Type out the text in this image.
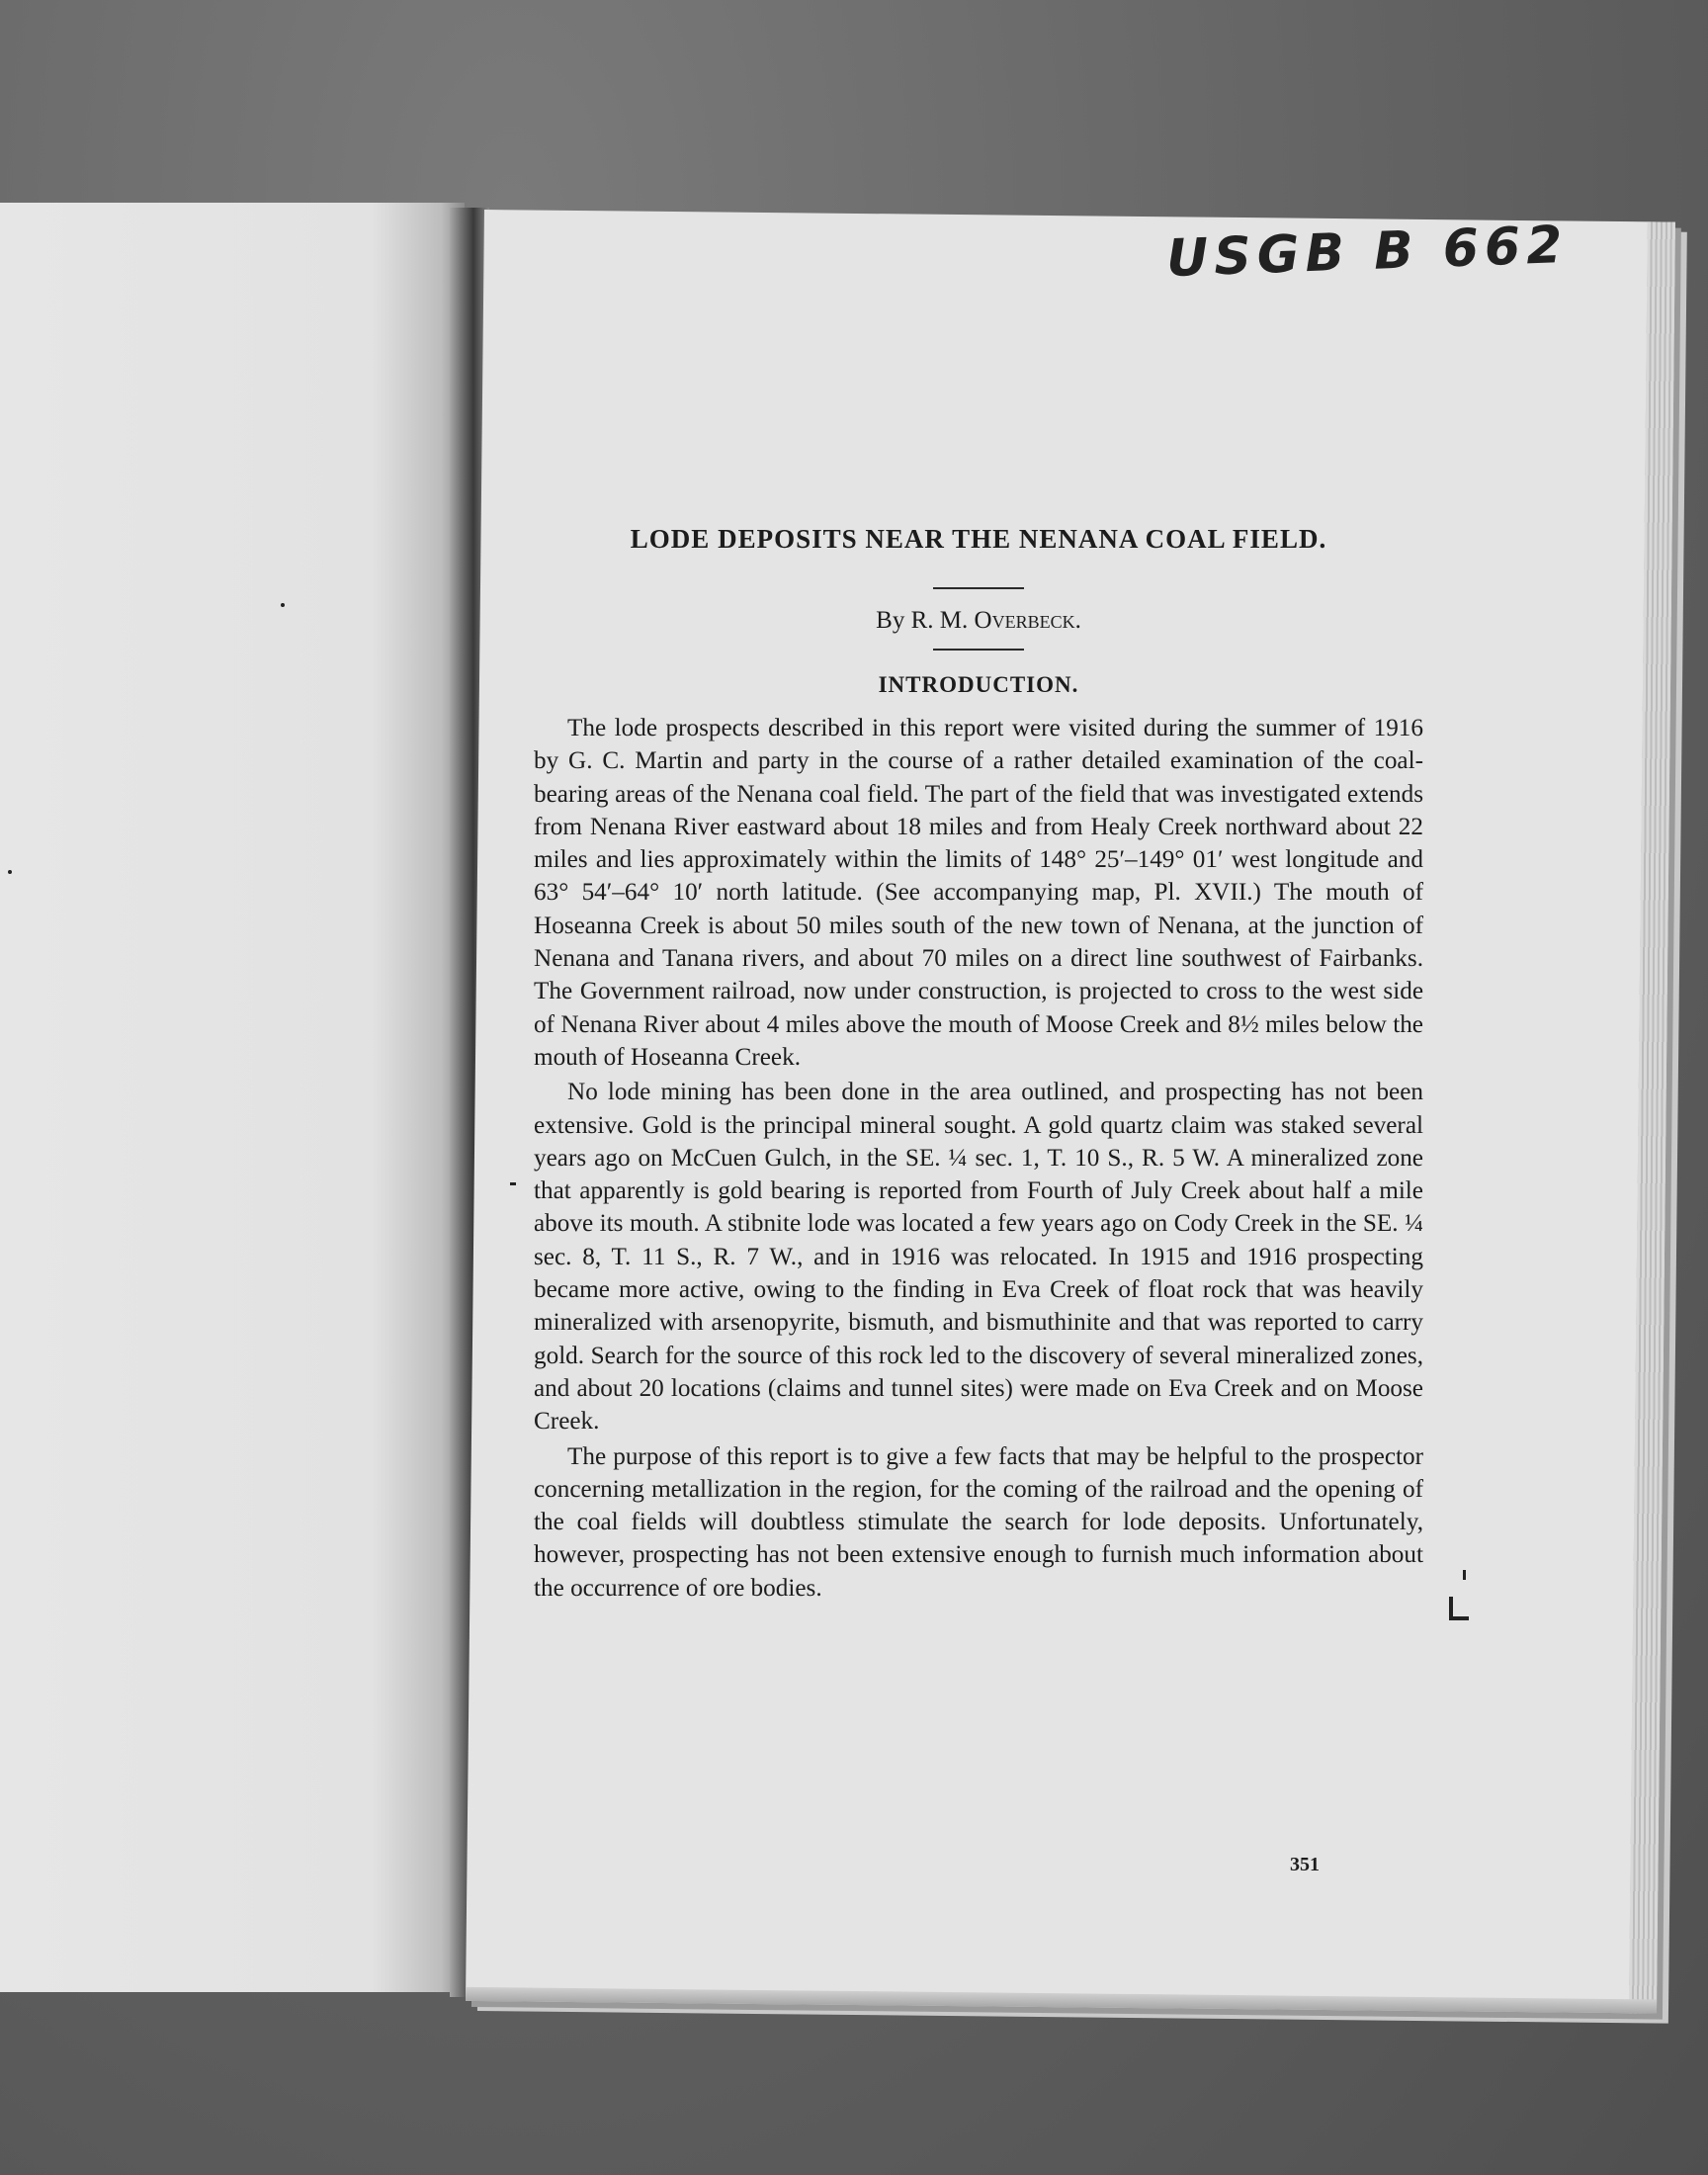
USGB B 662
LODE DEPOSITS NEAR THE NENANA COAL FIELD.

By R. M. Overbeck.

INTRODUCTION.

The lode prospects described in this report were visited during the summer of 1916 by G. C. Martin and party in the course of a rather detailed examination of the coal-bearing areas of the Nenana coal field. The part of the field that was investigated extends from Nenana River eastward about 18 miles and from Healy Creek northward about 22 miles and lies approximately within the limits of 148° 25′–149° 01′ west longitude and 63° 54′–64° 10′ north latitude. (See accompanying map, Pl. XVII.) The mouth of Hoseanna Creek is about 50 miles south of the new town of Nenana, at the junction of Nenana and Tanana rivers, and about 70 miles on a direct line southwest of Fairbanks. The Government railroad, now under construction, is projected to cross to the west side of Nenana River about 4 miles above the mouth of Moose Creek and 8½ miles below the mouth of Hoseanna Creek.

No lode mining has been done in the area outlined, and prospecting has not been extensive. Gold is the principal mineral sought. A gold quartz claim was staked several years ago on McCuen Gulch, in the SE. ¼ sec. 1, T. 10 S., R. 5 W. A mineralized zone that apparently is gold bearing is reported from Fourth of July Creek about half a mile above its mouth. A stibnite lode was located a few years ago on Cody Creek in the SE. ¼ sec. 8, T. 11 S., R. 7 W., and in 1916 was relocated. In 1915 and 1916 prospecting became more active, owing to the finding in Eva Creek of float rock that was heavily mineralized with arsenopyrite, bismuth, and bismuthinite and that was reported to carry gold. Search for the source of this rock led to the discovery of several mineralized zones, and about 20 locations (claims and tunnel sites) were made on Eva Creek and on Moose Creek.

The purpose of this report is to give a few facts that may be helpful to the prospector concerning metallization in the region, for the coming of the railroad and the opening of the coal fields will doubtless stimulate the search for lode deposits. Unfortunately, however, prospecting has not been extensive enough to furnish much information about the occurrence of ore bodies.

351
